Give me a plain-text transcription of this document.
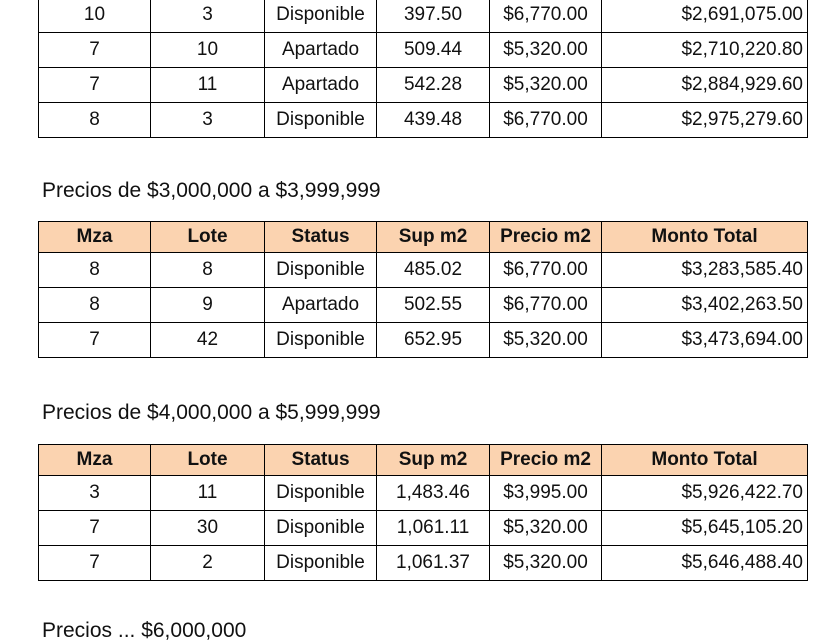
10	3	Disponible	397.50	$6,770.00	$2,691,075.00
7	10	Apartado	509.44	$5,320.00	$2,710,220.80
7	11	Apartado	542.28	$5,320.00	$2,884,929.60
8	3	Disponible	439.48	$6,770.00	$2,975,279.60
Precios de $3,000,000 a $3,999,999
Mza	Lote	Status	Sup m2	Precio m2	Monto Total
8	8	Disponible	485.02	$6,770.00	$3,283,585.40
8	9	Apartado	502.55	$6,770.00	$3,402,263.50
7	42	Disponible	652.95	$5,320.00	$3,473,694.00
Precios de $4,000,000 a $5,999,999
Mza	Lote	Status	Sup m2	Precio m2	Monto Total
3	11	Disponible	1,483.46	$3,995.00	$5,926,422.70
7	30	Disponible	1,061.11	$5,320.00	$5,645,105.20
7	2	Disponible	1,061.37	$5,320.00	$5,646,488.40
Precios ... $6,000,000
